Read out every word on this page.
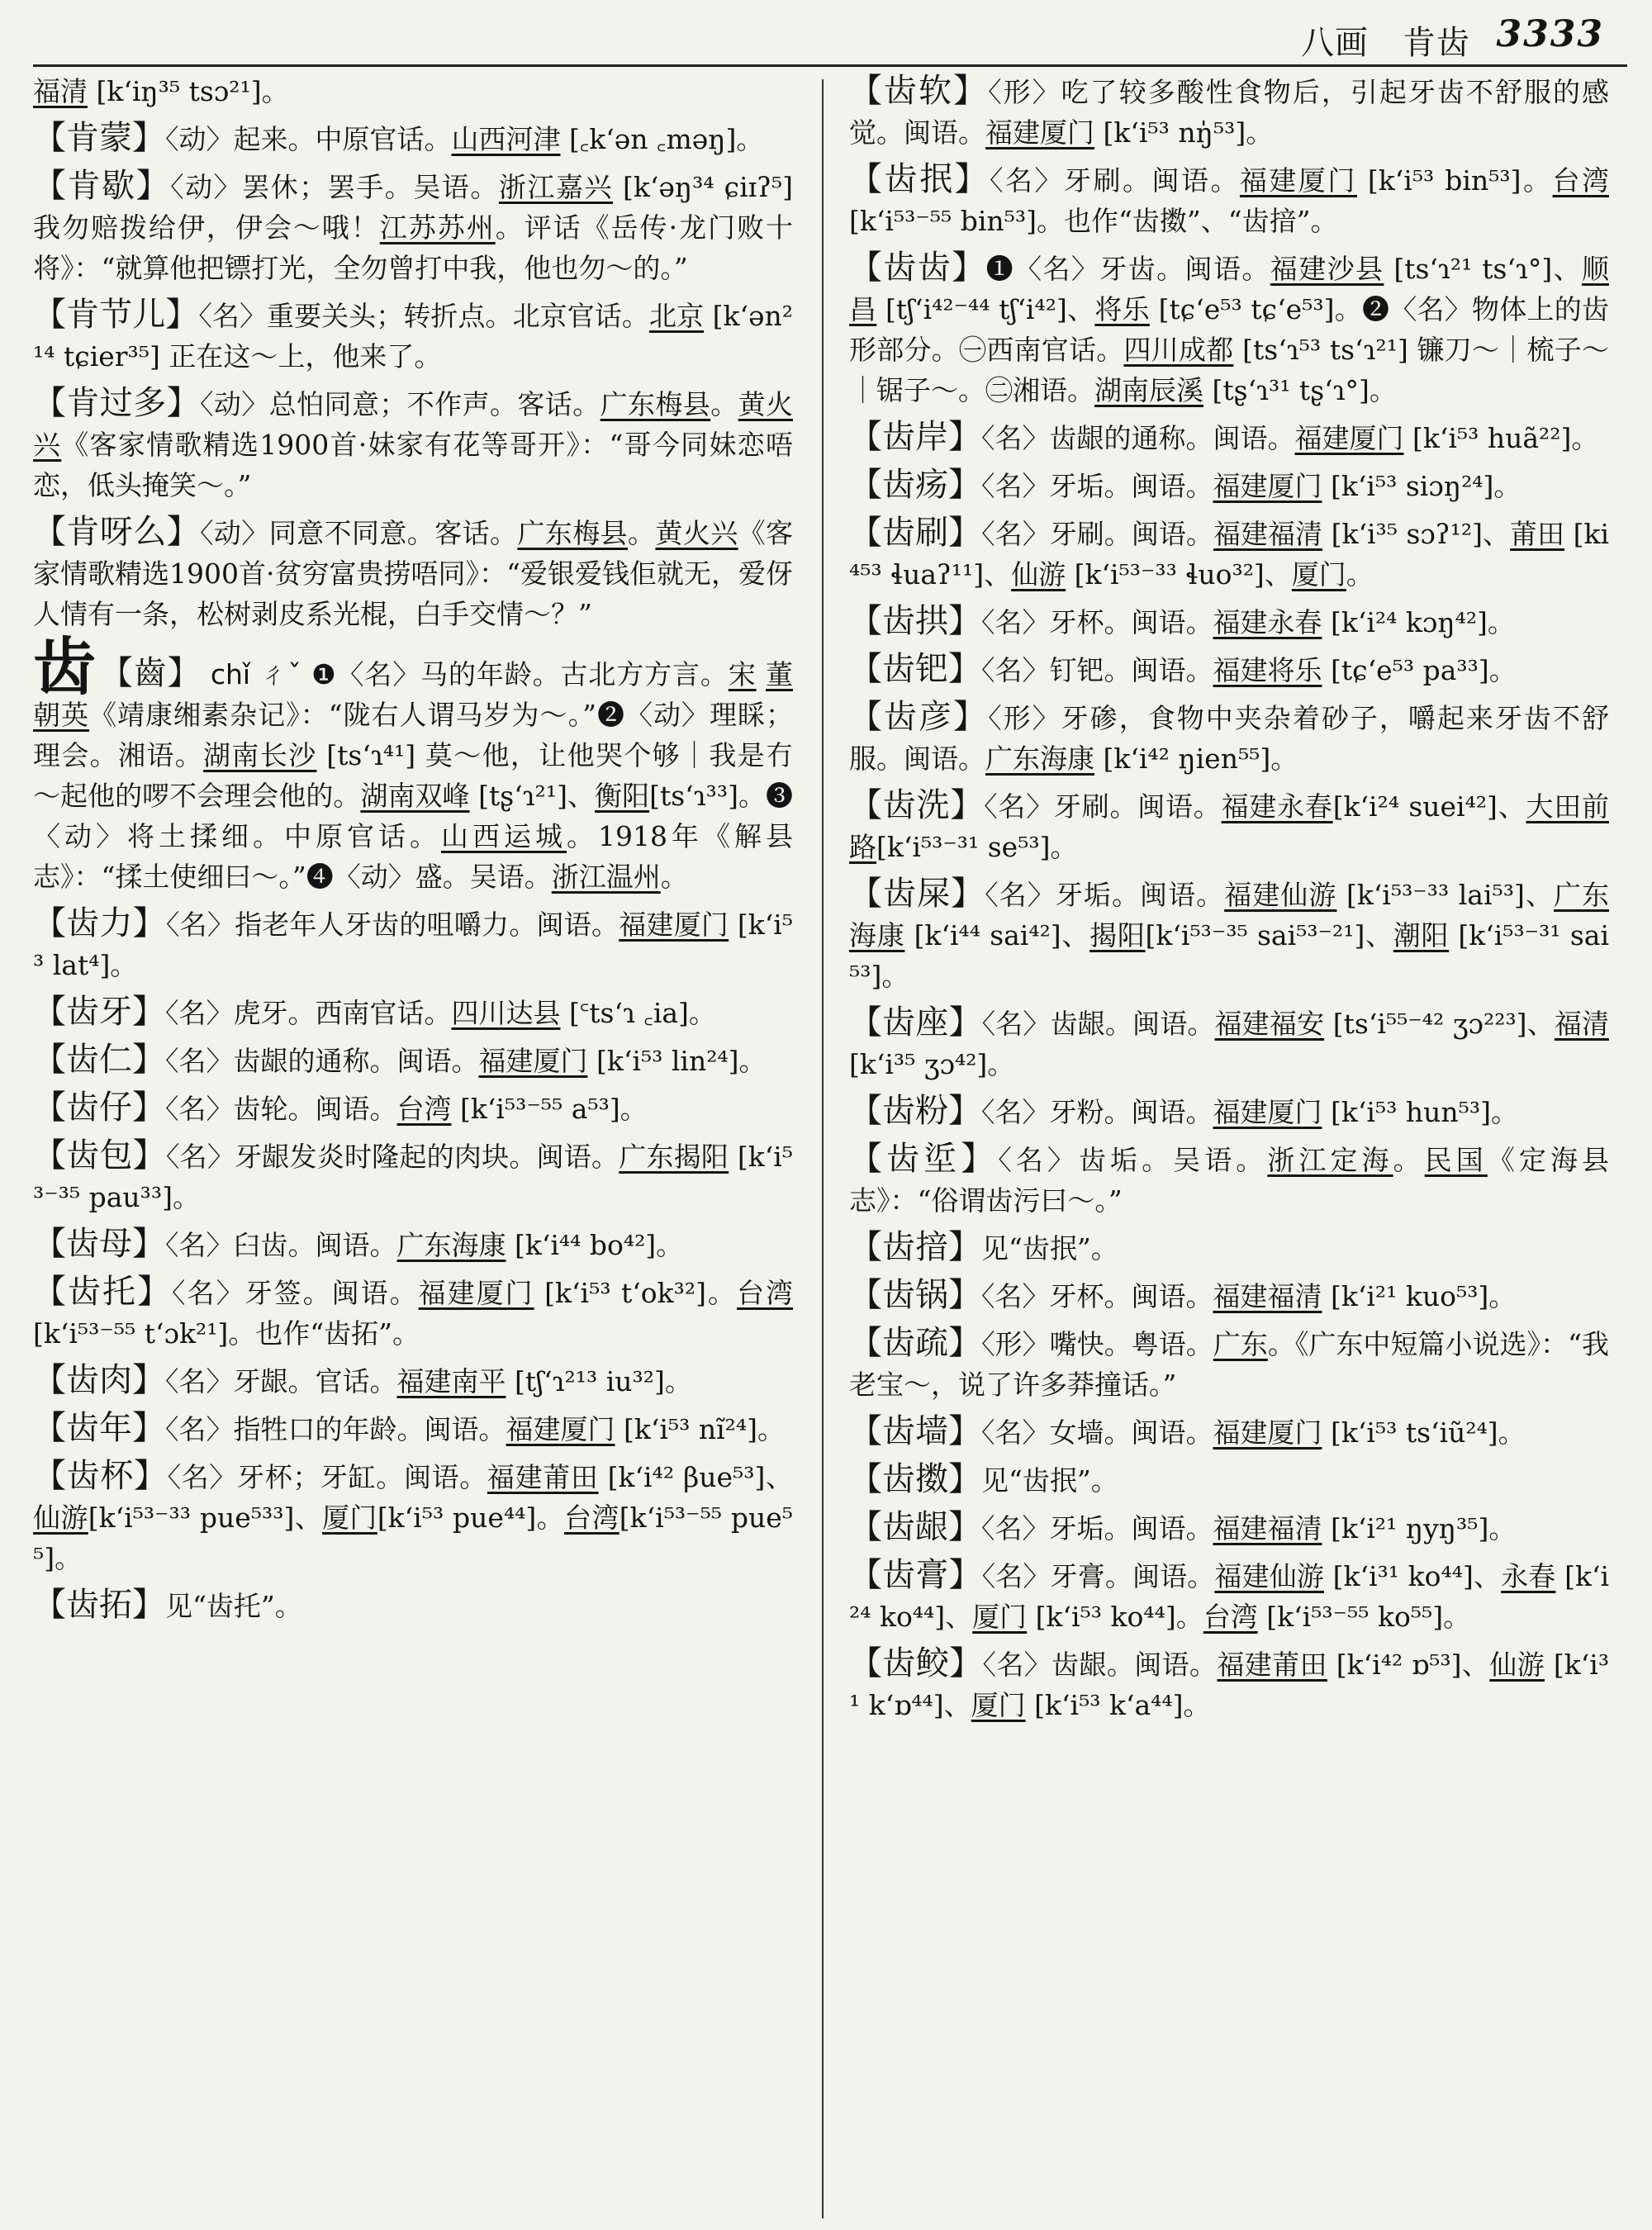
八画　肯齿 3333

福清 [k‘iŋ³⁵ tsɔ²¹]。

【肯蒙】〈动〉起来。中原官话。山西河津 [꜀k‘ən ꜀məŋ]。

【肯歇】〈动〉罢休；罢手。吴语。浙江嘉兴 [k‘əŋ³⁴ ɕiɪʔ⁵] 我勿赔拨给伊，伊会～哦！江苏苏州。评话《岳传·龙门败十将》：“就算他把镖打光，全勿曾打中我，他也勿～的。”

【肯节儿】〈名〉重要关头；转折点。北京官话。北京 [k‘ən²¹⁴ tɕier³⁵] 正在这～上，他来了。

【肯过多】〈动〉总怕同意；不作声。客话。广东梅县。黄火兴《客家情歌精选1900首·妹家有花等哥开》：“哥今同妹恋唔恋，低头掩笑～。”

【肯呀么】〈动〉同意不同意。客话。广东梅县。黄火兴《客家情歌精选1900首·贫穷富贵捞唔同》：“爱银爱钱佢就无，爱伢人情有一条，松树剥皮系光棍，白手交情～？”

齿 【齒】 chǐ ㄔˇ ❶〈名〉马的年龄。古北方方言。宋 董朝英《靖康缃素杂记》：“陇右人谓马岁为～。”❷〈动〉理睬；理会。湘语。湖南长沙 [ts‘ɿ⁴¹] 莫～他，让他哭个够｜我是冇～起他的啰不会理会他的。湖南双峰 [tʂ‘ɿ²¹]、衡阳[ts‘ɿ³³]。❸〈动〉将土揉细。中原官话。山西运城。1918年《解县志》：“揉土使细曰～。”❹〈动〉盛。吴语。浙江温州。

【齿力】〈名〉指老年人牙齿的咀嚼力。闽语。福建厦门 [k‘i⁵³ lat⁴]。

【齿牙】〈名〉虎牙。西南官话。四川达县 [꜂ts‘ɿ ꜀ia]。

【齿仁】〈名〉齿龈的通称。闽语。福建厦门 [k‘i⁵³ lin²⁴]。

【齿仔】〈名〉齿轮。闽语。台湾 [k‘i⁵³⁻⁵⁵ a⁵³]。

【齿包】〈名〉牙龈发炎时隆起的肉块。闽语。广东揭阳 [k‘i⁵³⁻³⁵ pau³³]。

【齿母】〈名〉臼齿。闽语。广东海康 [k‘i⁴⁴ bo⁴²]。

【齿托】〈名〉牙签。闽语。福建厦门 [k‘i⁵³ t‘ok³²]。台湾 [k‘i⁵³⁻⁵⁵ t‘ɔk²¹]。也作“齿拓”。

【齿肉】〈名〉牙龈。官话。福建南平 [tʃ‘ɿ²¹³ iu³²]。

【齿年】〈名〉指牲口的年龄。闽语。福建厦门 [k‘i⁵³ nĩ²⁴]。

【齿杯】〈名〉牙杯；牙缸。闽语。福建莆田 [k‘i⁴² βue⁵³]、仙游[k‘i⁵³⁻³³ pue⁵³³]、厦门[k‘i⁵³ pue⁴⁴]。台湾[k‘i⁵³⁻⁵⁵ pue⁵⁵]。

【齿拓】见“齿托”。

【齿软】〈形〉吃了较多酸性食物后，引起牙齿不舒服的感觉。闽语。福建厦门 [k‘i⁵³ nŋ̍⁵³]。

【齿抿】〈名〉牙刷。闽语。福建厦门 [k‘i⁵³ bin⁵³]。台湾 [k‘i⁵³⁻⁵⁵ bin⁵³]。也作“齿擞”、“齿揞”。

【齿齿】❶〈名〉牙齿。闽语。福建沙县 [ts‘ɿ²¹ ts‘ɿ°]、顺昌 [tʃ‘i⁴²⁻⁴⁴ tʃ‘i⁴²]、将乐 [tɕ‘e⁵³ tɕ‘e⁵³]。❷〈名〉物体上的齿形部分。㊀西南官话。四川成都 [ts‘ɿ⁵³ ts‘ɿ²¹] 镰刀～｜梳子～｜锯子～。㊁湘语。湖南辰溪 [tʂ‘ɿ³¹ tʂ‘ɿ°]。

【齿岸】〈名〉齿龈的通称。闽语。福建厦门 [k‘i⁵³ huã²²]。

【齿疡】〈名〉牙垢。闽语。福建厦门 [k‘i⁵³ siɔŋ²⁴]。

【齿刷】〈名〉牙刷。闽语。福建福清 [k‘i³⁵ sɔʔ¹²]、莆田 [ki⁴⁵³ ɬuaʔ¹¹]、仙游 [k‘i⁵³⁻³³ ɬuo³²]、厦门。

【齿拱】〈名〉牙杯。闽语。福建永春 [k‘i²⁴ kɔŋ⁴²]。

【齿钯】〈名〉钉钯。闽语。福建将乐 [tɕ‘e⁵³ pa³³]。

【齿彦】〈形〉牙碜，食物中夹杂着砂子，嚼起来牙齿不舒服。闽语。广东海康 [k‘i⁴² ŋien⁵⁵]。

【齿洗】〈名〉牙刷。闽语。福建永春[k‘i²⁴ suei⁴²]、大田前路[k‘i⁵³⁻³¹ se⁵³]。

【齿屎】〈名〉牙垢。闽语。福建仙游 [k‘i⁵³⁻³³ lai⁵³]、广东海康 [k‘i⁴⁴ sai⁴²]、揭阳[k‘i⁵³⁻³⁵ sai⁵³⁻²¹]、潮阳 [k‘i⁵³⁻³¹ sai⁵³]。

【齿座】〈名〉齿龈。闽语。福建福安 [ts‘i⁵⁵⁻⁴² ʒɔ²²³]、福清 [k‘i³⁵ ʒɔ⁴²]。

【齿粉】〈名〉牙粉。闽语。福建厦门 [k‘i⁵³ hun⁵³]。

【齿垽】〈名〉齿垢。吴语。浙江定海。民国《定海县志》：“俗谓齿污曰～。”

【齿揞】见“齿抿”。

【齿锅】〈名〉牙杯。闽语。福建福清 [k‘i²¹ kuo⁵³]。

【齿疏】〈形〉嘴快。粤语。广东。《广东中短篇小说选》：“我老宝～，说了许多莽撞话。”

【齿墙】〈名〉女墙。闽语。福建厦门 [k‘i⁵³ ts‘iũ²⁴]。

【齿擞】见“齿抿”。

【齿龈】〈名〉牙垢。闽语。福建福清 [k‘i²¹ ŋyŋ³⁵]。

【齿膏】〈名〉牙膏。闽语。福建仙游 [k‘i³¹ ko⁴⁴]、永春 [k‘i²⁴ ko⁴⁴]、厦门 [k‘i⁵³ ko⁴⁴]。台湾 [k‘i⁵³⁻⁵⁵ ko⁵⁵]。

【齿鲛】〈名〉齿龈。闽语。福建莆田 [k‘i⁴² ɒ⁵³]、仙游 [k‘i³¹ k‘ɒ⁴⁴]、厦门 [k‘i⁵³ k‘a⁴⁴]。
